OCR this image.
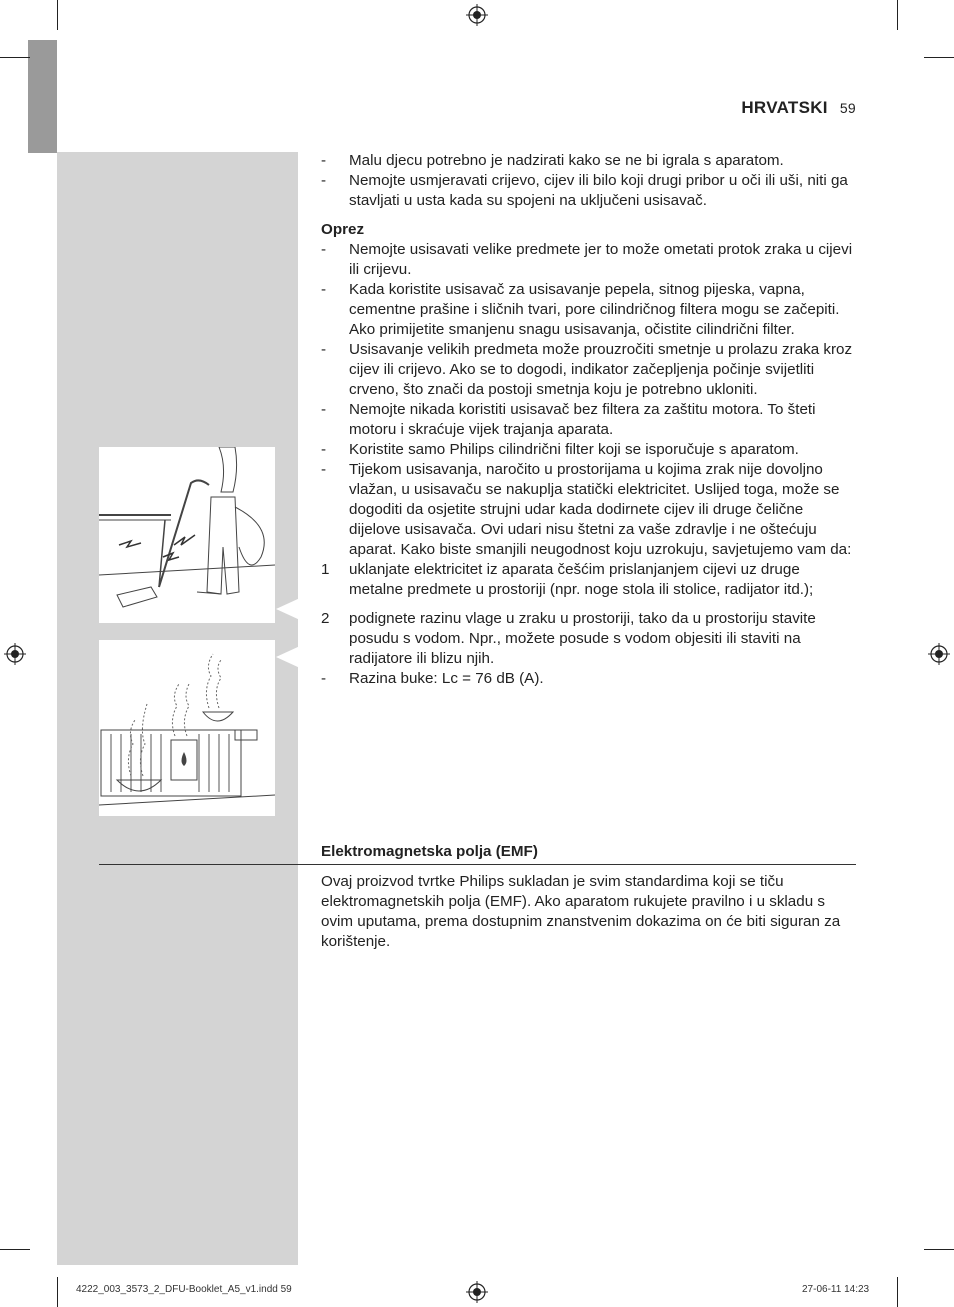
HRVATSKI 59
- Malu djecu potrebno je nadzirati kako se ne bi igrala s aparatom.
- Nemojte usmjeravati crijevo, cijev ili bilo koji drugi pribor u oči ili uši, niti ga stavljati u usta kada su spojeni na uključeni usisavač.
Oprez
- Nemojte usisavati velike predmete jer to može ometati protok zraka u cijevi ili crijevu.
- Kada koristite usisavač za usisavanje pepela, sitnog pijeska, vapna, cementne prašine i sličnih tvari, pore cilindričnog filtera mogu se začepiti. Ako primijetite smanjenu snagu usisavanja, očistite cilindrični filter.
- Usisavanje velikih predmeta može prouzročiti smetnje u prolazu zraka kroz cijev ili crijevo. Ako se to dogodi, indikator začepljenja počinje svijetliti crveno, što znači da postoji smetnja koju je potrebno ukloniti.
- Nemojte nikada koristiti usisavač bez filtera za zaštitu motora. To šteti motoru i skraćuje vijek trajanja aparata.
- Koristite samo Philips cilindrični filter koji se isporučuje s aparatom.
- Tijekom usisavanja, naročito u prostorijama u kojima zrak nije dovoljno vlažan, u usisavaču se nakuplja statički elektricitet. Uslijed toga, može se dogoditi da osjetite strujni udar kada dodirnete cijev ili druge čelične dijelove usisavača. Ovi udari nisu štetni za vaše zdravlje i ne oštećuju aparat. Kako biste smanjili neugodnost koju uzrokuju, savjetujemo vam da:
1 uklanjate elektricitet iz aparata češćim prislanjanjem cijevi uz druge metalne predmete u prostoriji (npr. noge stola ili stolice, radijator itd.);
2 podignete razinu vlage u zraku u prostoriji, tako da u prostoriju stavite posudu s vodom. Npr., možete posude s vodom objesiti ili staviti na radijatore ili blizu njih.
- Razina buke: Lc = 76 dB (A).
Elektromagnetska polja (EMF)
Ovaj proizvod tvrtke Philips sukladan je svim standardima koji se tiču elektromagnetskih polja (EMF). Ako aparatom rukujete pravilno i u skladu s ovim uputama, prema dostupnim znanstvenim dokazima on će biti siguran za korištenje.
4222_003_3573_2_DFU-Booklet_A5_v1.indd 59	27-06-11 14:23
